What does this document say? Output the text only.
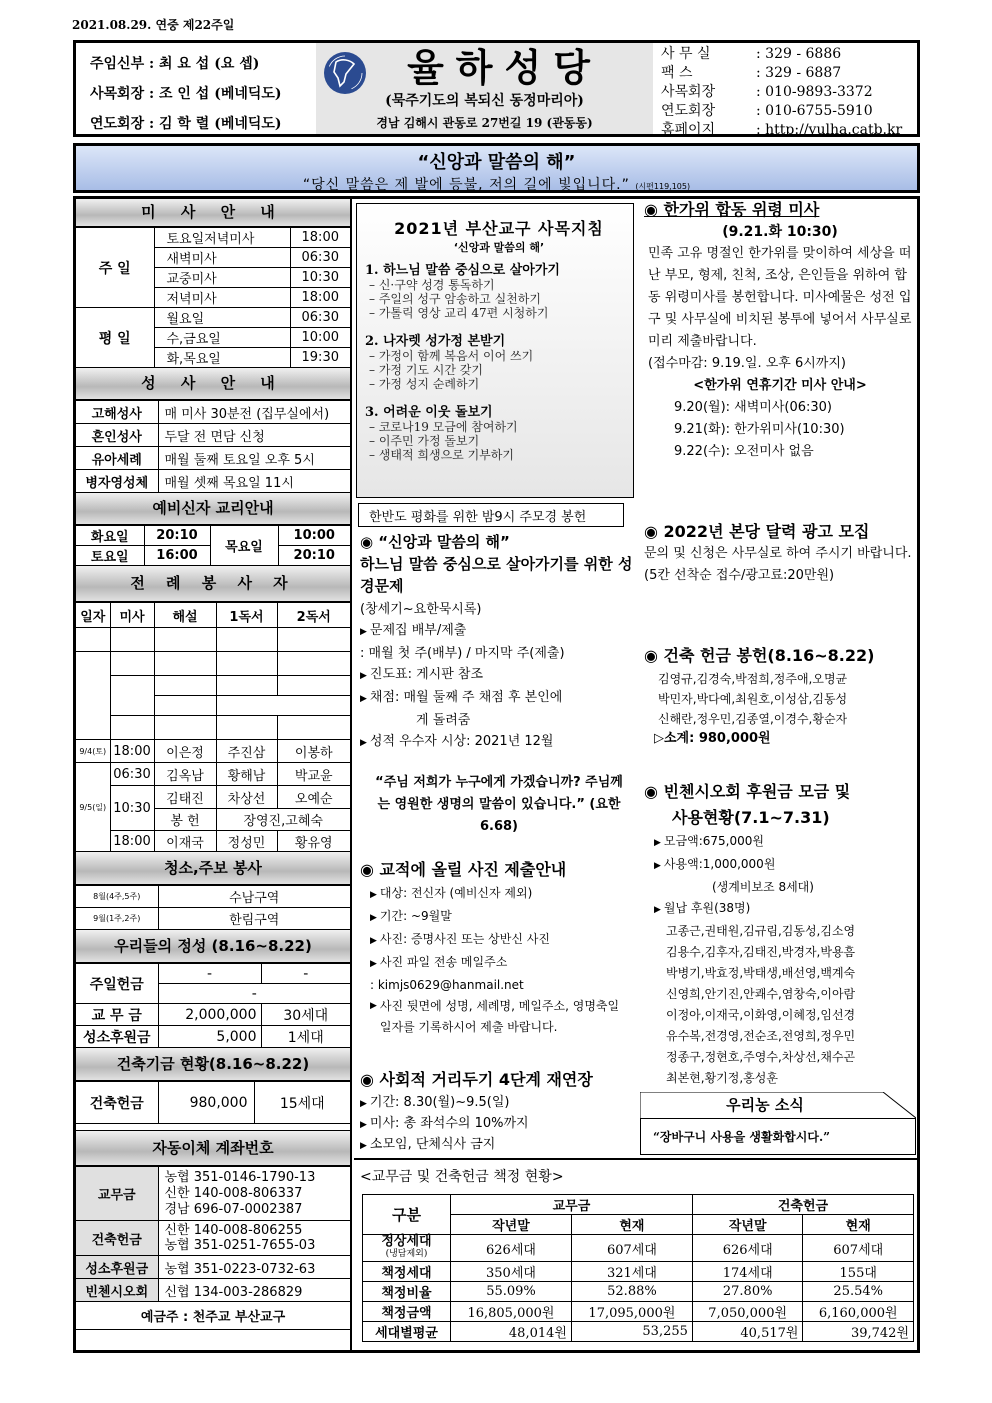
2021.08.29. 연중 제22주일
주임신부 : 최 요 섭 (요 셉)
사목회장 : 조 인 섭 (베네딕도)
연도회장 : 김 학 렬 (베네딕도)
율하성당
(묵주기도의 복되신 동정마리아)
경남 김해시 관동로 27번길 19 (관동동)
사 무 실	: 329 - 6886
팩 스	: 329 - 6887
사목회장	: 010-9893-3372
연도회장	: 010-6755-5910
홈페이지	: http://yulha.catb.kr
“신앙과 말씀의 해”
“당신 말씀은 제 발에 등불, 저의 길에 빛입니다.” (시편119,105)
미 사 안 내
주 일	토요일저녁미사	18:00
	새벽미사	06:30
	교중미사	10:30
	저녁미사	18:00
평 일	월요일	06:30
	수,금요일	10:00
	화,목요일	19:30
성 사 안 내
고해성사	매 미사 30분전 (집무실에서)
혼인성사	두달 전 면담 신청
유아세례	매월 둘째 토요일 오후 5시
병자영성체	매월 셋째 목요일 11시
예비신자 교리안내
화요일	20:10	목요일	10:00
토요일	16:00		20:10
전 례 봉 사 자
일자	미사	해설	1독서	2독서

9/4(토)	18:00	이은정	주진삼	이봉하
9/5(일)	06:30	김옥남	황해남	박교윤
	10:30	김태진	차상선	오예순
		봉 헌	장영진,고혜숙	
	18:00	이재국	정성민	황유영
청소,주보 봉사
8월(4주,5주)	수남구역
9월(1주,2주)	한림구역
우리들의 정성 (8.16~8.22)
주일헌금	-	-
	-	
교 무 금	2,000,000	30세대
성소후원금	5,000	1세대
건축기금 현황(8.16~8.22)
건축헌금	980,000	15세대
자동이체 계좌번호
교무금	농협 351-0146-1790-13
신한 140-008-806337
경남 696-07-0002387

건축헌금	신한 140-008-806255
농협 351-0251-7655-03

성소후원금	농협 351-0223-0732-63
빈첸시오회	신협 134-003-286829
예금주 : 천주교 부산교구	
2021년 부산교구 사목지침
‘신앙과 말씀의 해’
1. 하느님 말씀 중심으로 살아가기
– 신·구약 성경 통독하기
– 주일의 성구 암송하고 실천하기
– 가톨릭 영상 교리 47편 시청하기
2. 나자렛 성가정 본받기
– 가정이 함께 복음서 이어 쓰기
– 가정 기도 시간 갖기
– 가정 성지 순례하기
3. 어려운 이웃 돌보기
– 코로나19 모금에 참여하기
– 이주민 가정 돌보기
– 생태적 희생으로 기부하기
한반도 평화를 위한 밤9시 주모경 봉헌
◉ “신앙과 말씀의 해”
하느님 말씀 중심으로 살아가기를 위한 성경문제
(창세기~요한묵시록)
▶ 문제집 배부/제출
: 매월 첫 주(배부) / 마지막 주(제출)
▶ 진도표: 게시판 참조
▶ 채점: 매월 둘째 주 채점 후 본인에
게 돌려줌
▶ 성적 우수자 시상: 2021년 12월
“주님 저희가 누구에게 가겠습니까? 주님께는 영원한 생명의 말씀이 있습니다.” (요한6.68)
◉ 교적에 올릴 사진 제출안내
▶ 대상: 전신자 (예비신자 제외)
▶ 기간: ~9월말
▶ 사진: 증명사진 또는 상반신 사진
▶ 사진 파일 전송 메일주소
: kimjs0629@hanmail.net
▶ 사진 뒷면에 성명, 세례명, 메일주소, 영명축일 일자를 기록하시어 제출 바랍니다.
◉ 사회적 거리두기 4단계 재연장
▶ 기간: 8.30(월)~9.5(일)
▶ 미사: 총 좌석수의 10%까지
▶ 소모임, 단체식사 금지
◉ 한가위 합동 위령 미사
(9.21.화 10:30)
민족 고유 명절인 한가위를 맞이하여 세상을 떠난 부모, 형제, 친척, 조상, 은인들을 위하여 합동 위령미사를 봉헌합니다. 미사예물은 성전 입구 및 사무실에 비치된 봉투에 넣어서 사무실로 미리 제출바랍니다.
(접수마감: 9.19.일. 오후 6시까지)
<한가위 연휴기간 미사 안내>
9.20(월): 새벽미사(06:30)
9.21(화): 한가위미사(10:30)
9.22(수): 오전미사 없음
◉ 2022년 본당 달력 광고 모집
문의 및 신청은 사무실로 하여 주시기 바랍니다.
(5칸 선착순 접수/광고료:20만원)
◉ 건축 헌금 봉헌(8.16~8.22)
김영규,김경숙,박점희,정주애,오명균
박민자,박다예,최원호,이성삼,김동성
신해란,정우민,김종열,이경수,황순자
▷소계: 980,000원
◉ 빈첸시오회 후원금 모금 및
사용현황(7.1~7.31)
▶ 모금액:675,000원
▶ 사용액:1,000,000원
(생계비보조 8세대)
▶ 월납 후원(38명)
고종근,권태원,김규림,김동성,김소영
김용수,김후자,김태진,박경자,박용흠
박병기,박효정,박태생,배선영,백계숙
신영희,안기진,안쾌수,염창숙,이아람
이정아,이재국,이화영,이혜정,임선경
유수복,전경영,전순조,전영희,정우민
정종구,정현호,주영수,차상선,채수곤
최본현,황기정,홍성훈
우리농 소식
“장바구니 사용을 생활화합시다.”
<교무금 및 건축헌금 책정 현황>
구분	교무금		건축헌금	
	작년말	현재	작년말	현재

정상세대
(냉담제외)	626세대	607세대	626세대	607세대
책정세대	350세대	321세대	174세대	155대
책정비율	55.09%	52.88%	27.80%	25.54%
책정금액	16,805,000원	17,095,000원	7,050,000원	6,160,000원
세대별평균	48,014원	53,255	40,517원	39,742원
